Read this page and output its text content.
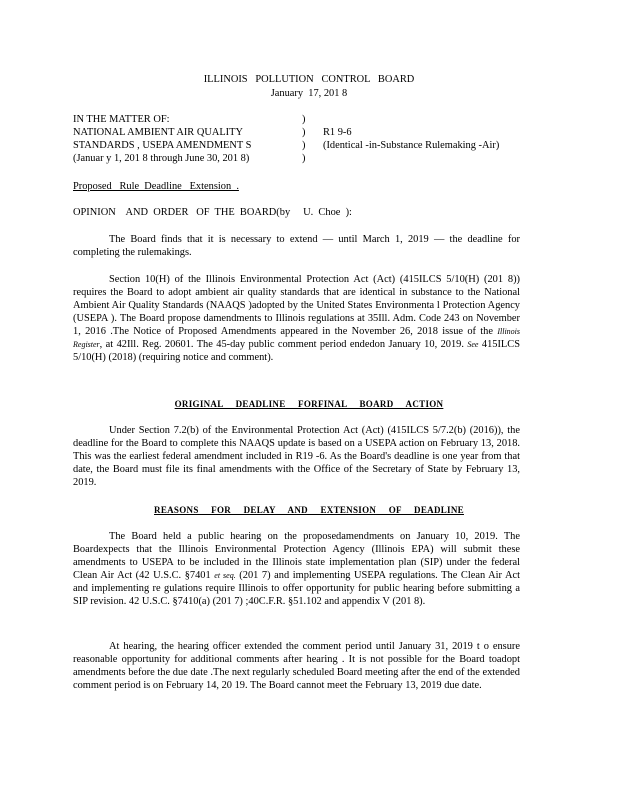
ILLINOIS   POLLUTION   CONTROL   BOARD
January  17, 201 8
IN THE MATTER OF:
NATIONAL AMBIENT AIR QUALITY
STANDARDS , USEPA AMENDMENT S
(Januar y 1, 201 8 through June 30, 201 8)
)
)
)
)
R1 9-6
(Identical -in-Substance Rulemaking -Air)
Proposed   Rule  Deadline   Extension  .
OPINION    AND  ORDER   OF  THE  BOARD(by     U.  Choe  ):
The Board finds that it is necessary to extend — until March 1, 2019 — the deadline for completing the rulemakings.
Section 10(H) of the Illinois Environmental Protection Act (Act) (415ILCS 5/10(H) (201 8)) requires the Board to adopt ambient air quality standards that are identical in substance to the National Ambient Air Quality Standards (NAAQS )adopted by the United States Environmenta l Protection Agency (USEPA ). The Board propose damendments to Illinois regulations at 35Ill. Adm. Code 243 on November 1, 2016 .The Notice of Proposed Amendments appeared in the November 26, 2018 issue of the Illinois Register, at 42Ill. Reg. 20601. The 45-day public comment period endedon January 10, 2019. See 415ILCS 5/10(H) (2018) (requiring notice and comment).
ORIGINAL DEADLINE FORFINAL BOARD ACTION
Under Section 7.2(b) of the Environmental Protection Act (Act) (415ILCS 5/7.2(b) (2016)), the deadline for the Board to complete this NAAQS update is based on a USEPA action on February 13, 2018. This was the earliest federal amendment included in R19 -6. As the Board's deadline is one year from that date, the Board must file its final amendments with the Office of the Secretary of State by February 13, 2019.
REASONS FOR DELAY AND EXTENSION OF DEADLINE
The Board held a public hearing on the proposedamendments on January 10, 2019. The Boardexpects that the Illinois Environmental Protection Agency (Illinois EPA) will submit these amendments to USEPA to be included in the Illinois state implementation plan (SIP) under the federal Clean Air Act (42 U.S.C. §7401 et seq. (201 7) and implementing USEPA regulations. The Clean Air Act and implementing re gulations require Illinois to offer opportunity for public hearing before submitting a SIP revision. 42 U.S.C. §7410(a) (201 7) ;40C.F.R. §51.102 and appendix V (201 8).
At hearing, the hearing officer extended the comment period until January 31, 2019 t o ensure reasonable opportunity for additional comments after hearing . It is not possible for the Board toadopt amendments before the due date .The next regularly scheduled Board meeting after the end of the extended comment period is on February 14, 20 19. The Board cannot meet the February 13, 2019 due date.
